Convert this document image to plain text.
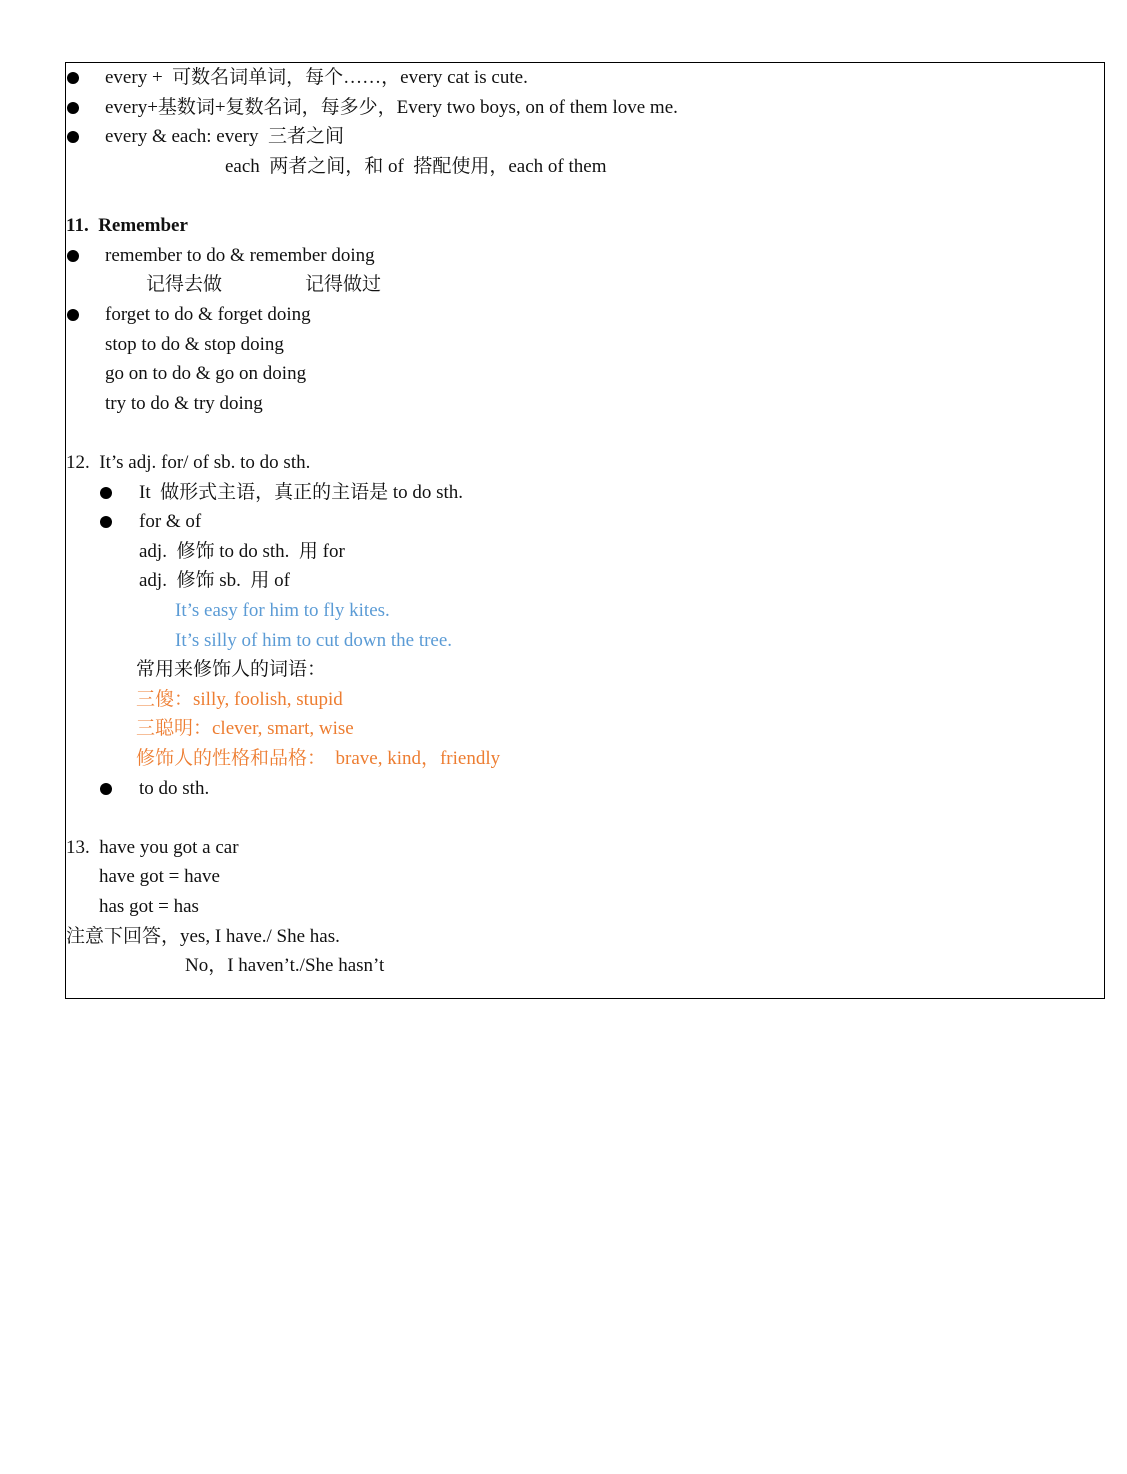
every +  可数名词单词，每个……，every cat is cute.
every+基数词+复数名词，每多少，Every two boys, on of them love me.
every & each: every  三者之间
each  两者之间，和 of  搭配使用，each of them
11.  Remember
remember to do & remember doing
记得去做	记得做过
forget to do & forget doing
stop to do & stop doing
go on to do & go on doing
try to do & try doing
12.  It’s adj. for/ of sb. to do sth.
It  做形式主语，真正的主语是 to do sth.
for & of
adj.  修饰 to do sth.  用 for
adj.  修饰 sb.  用 of
It’s easy for him to fly kites.
It’s silly of him to cut down the tree.
常用来修饰人的词语：
三傻：silly, foolish, stupid
三聪明：clever, smart, wise
修饰人的性格和品格：  brave, kind，friendly
to do sth.
13.  have you got a car
have got = have
has got = has
注意下回答，yes, I have./ She has.
No，I haven’t./She hasn’t
